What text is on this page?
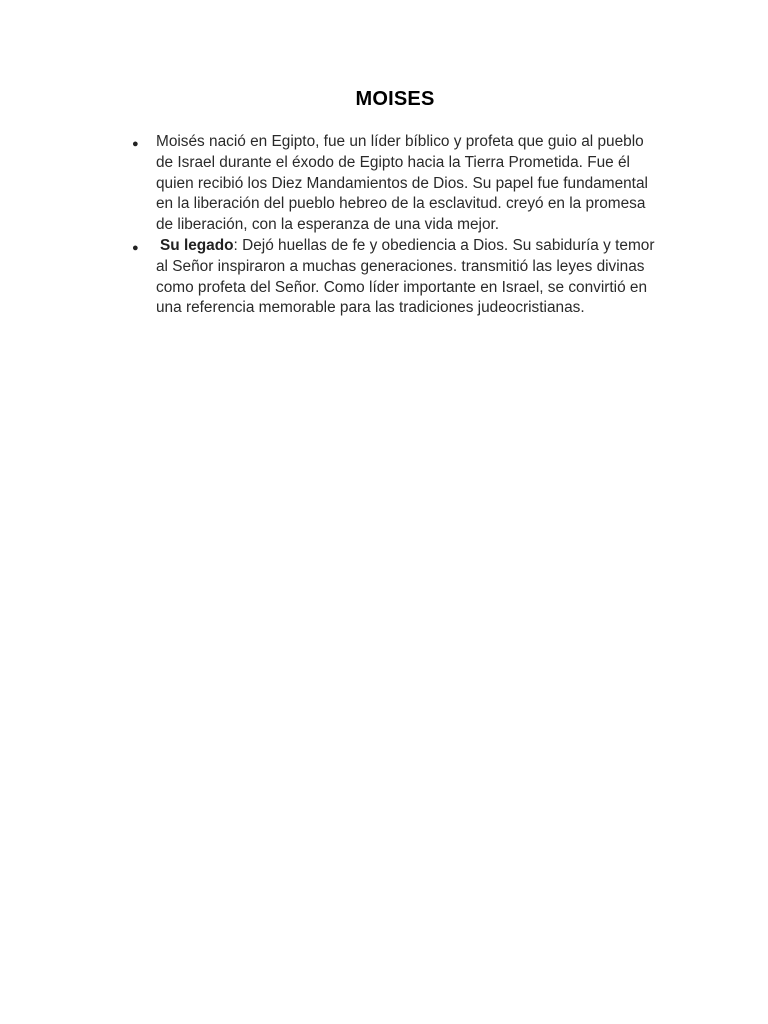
MOISES
● Moisés nació en Egipto, fue un líder bíblico y profeta que guio al pueblo de Israel durante el éxodo de Egipto hacia la Tierra Prometida. Fue él quien recibió los Diez Mandamientos de Dios. Su papel fue fundamental en la liberación del pueblo hebreo de la esclavitud. creyó en la promesa de liberación, con la esperanza de una vida mejor.
● Su legado: Dejó huellas de fe y obediencia a Dios. Su sabiduría y temor al Señor inspiraron a muchas generaciones. transmitió las leyes divinas como profeta del Señor. Como líder importante en Israel, se convirtió en una referencia memorable para las tradiciones judeocristianas.
